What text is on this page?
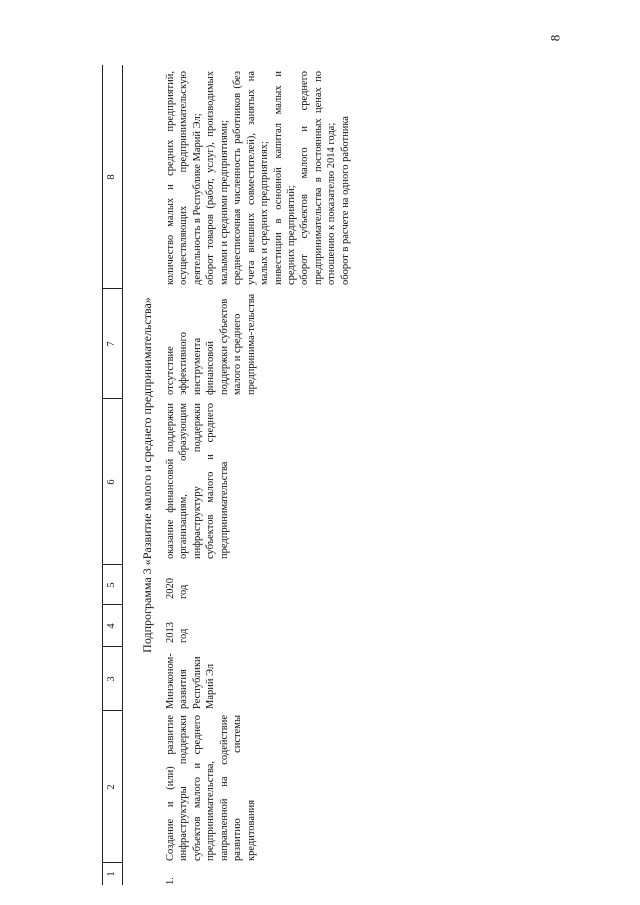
8
1
2
3
4
5
6
7
8
Подпрограмма 3 «Развитие малого и среднего предпринимательства»
1.
Создание и (или) развитие инфраструктуры поддержки субъектов малого и среднего предпринимательства, направленной на содействие развитию системы кредитования
Минэконом-развития Республики Марий Эл
2013 год
2020 год
оказание финансовой поддержки организациям, образующим инфраструктуру поддержки субъектов малого и среднего предпринимательства
отсутствие эффективного инструмента финансовой поддержки субъектов малого и среднего предпринима-тельства
количество малых и средних предприятий, осуществляющих предпринимательскую деятельность в Республике Марий Эл; оборот товаров (работ, услуг), производимых малыми и средними предприятиями; среднесписочная численность работников (без учета внешних совместителей), занятых на малых и средних предприятиях; инвестиции в основной капитал малых и средних предприятий; оборот субъектов малого и среднего предпринимательства в постоянных ценах по отношению к показателю 2014 года; оборот в расчете на одного работника
